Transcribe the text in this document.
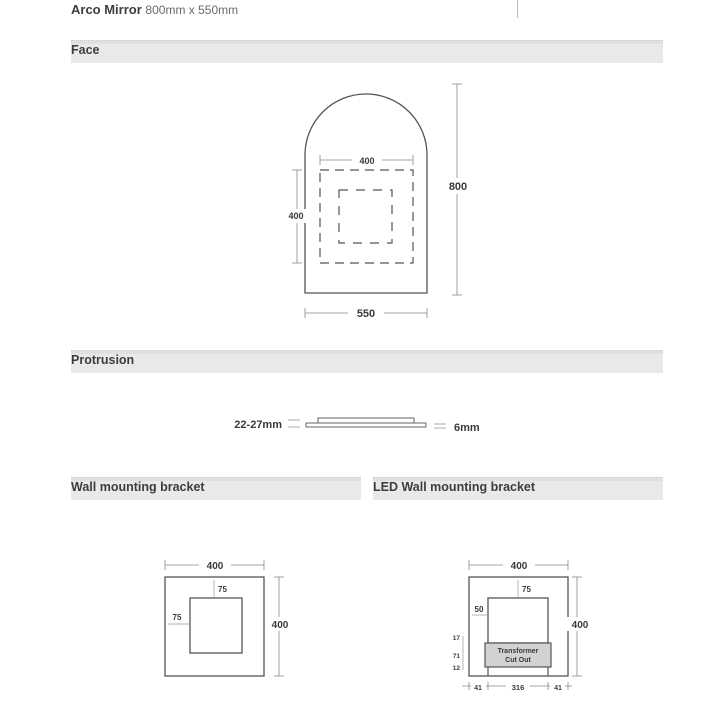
Arco Mirror 800mm x 550mm
Face
Protrusion
Wall mounting bracket	LED Wall mounting bracket
400
400
800
550
22-27mm	6mm
400
75
75
400
Transformer
Cut Out
400
75
50
17
71
12
400
41	316	41
